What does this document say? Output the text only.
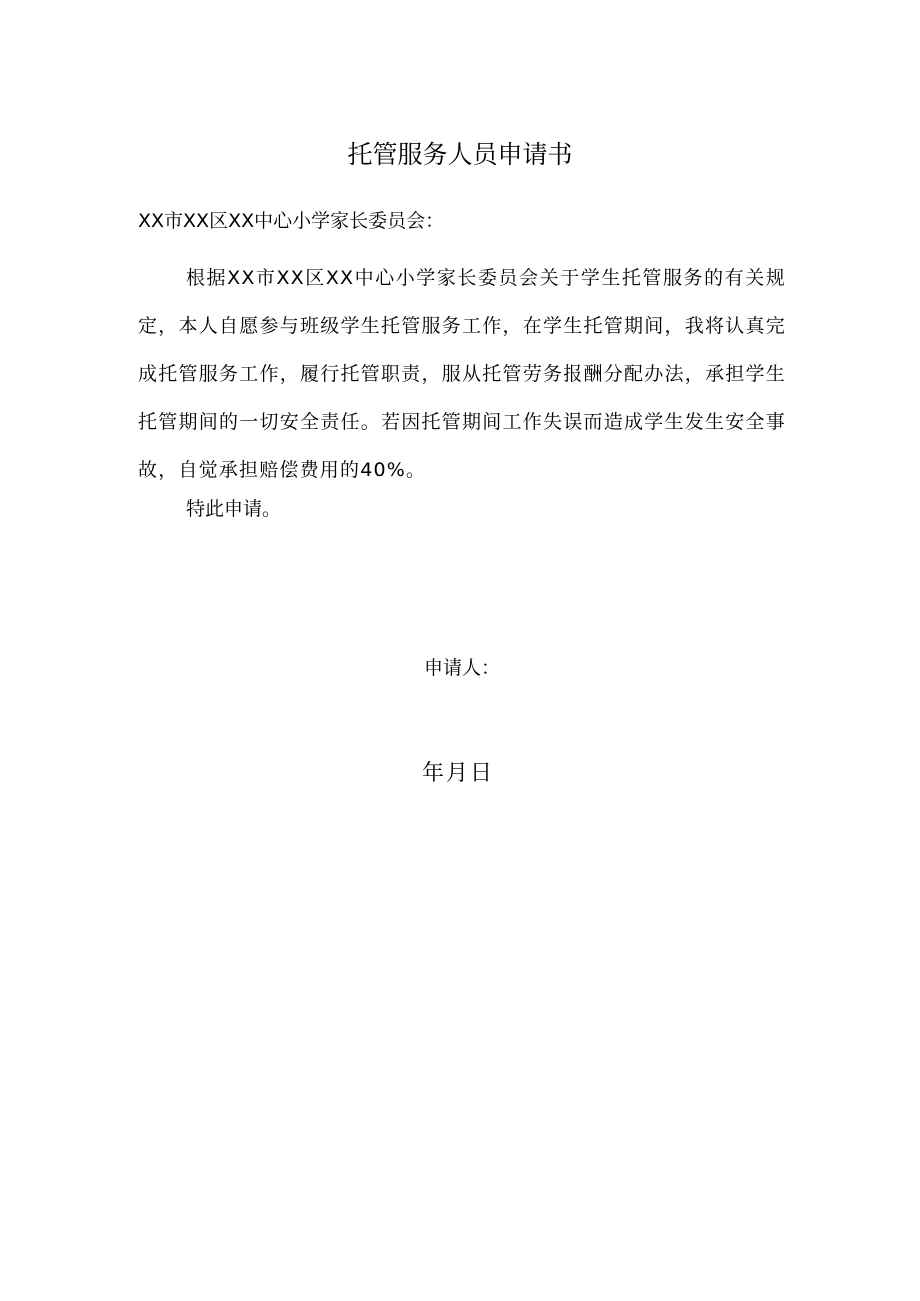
托管服务人员申请书
XX市XX区XX中心小学家长委员会：

根据XX市XX区XX中心小学家长委员会关于学生托管服务的有关规定，本人自愿参与班级学生托管服务工作，在学生托管期间，我将认真完成托管服务工作，履行托管职责，服从托管劳务报酬分配办法，承担学生托管期间的一切安全责任。若因托管期间工作失误而造成学生发生安全事故，自觉承担赔偿费用的40%。

特此申请。
申请人：
年月日
